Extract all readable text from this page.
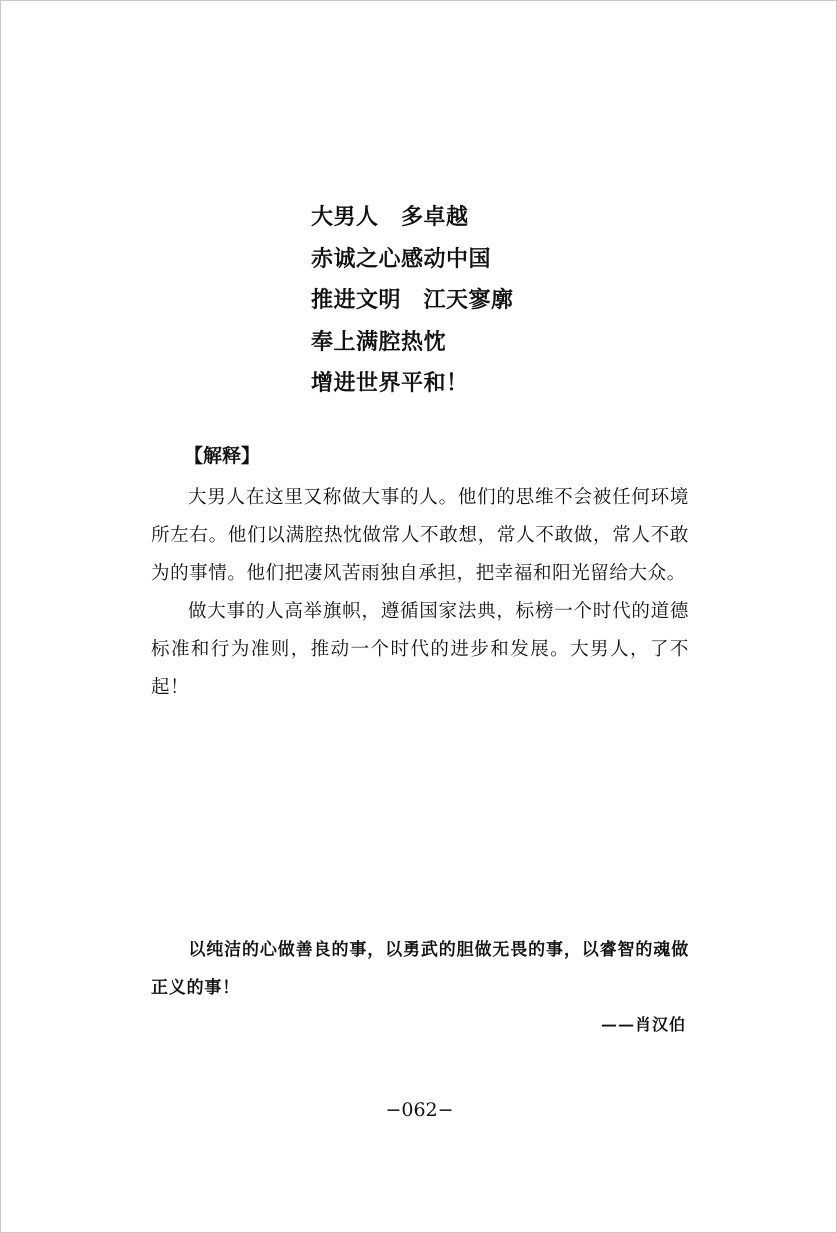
大男人　多卓越
赤诚之心感动中国
推进文明　江天寥廓
奉上满腔热忱
增进世界平和！
【解释】

大男人在这里又称做大事的人。他们的思维不会被任何环境所左右。他们以满腔热忱做常人不敢想，常人不敢做，常人不敢为的事情。他们把凄风苦雨独自承担，把幸福和阳光留给大众。

做大事的人高举旗帜，遵循国家法典，标榜一个时代的道德标准和行为准则，推动一个时代的进步和发展。大男人，了不起！

以纯洁的心做善良的事，以勇武的胆做无畏的事，以睿智的魂做正义的事！
——肖汉伯
−062−
